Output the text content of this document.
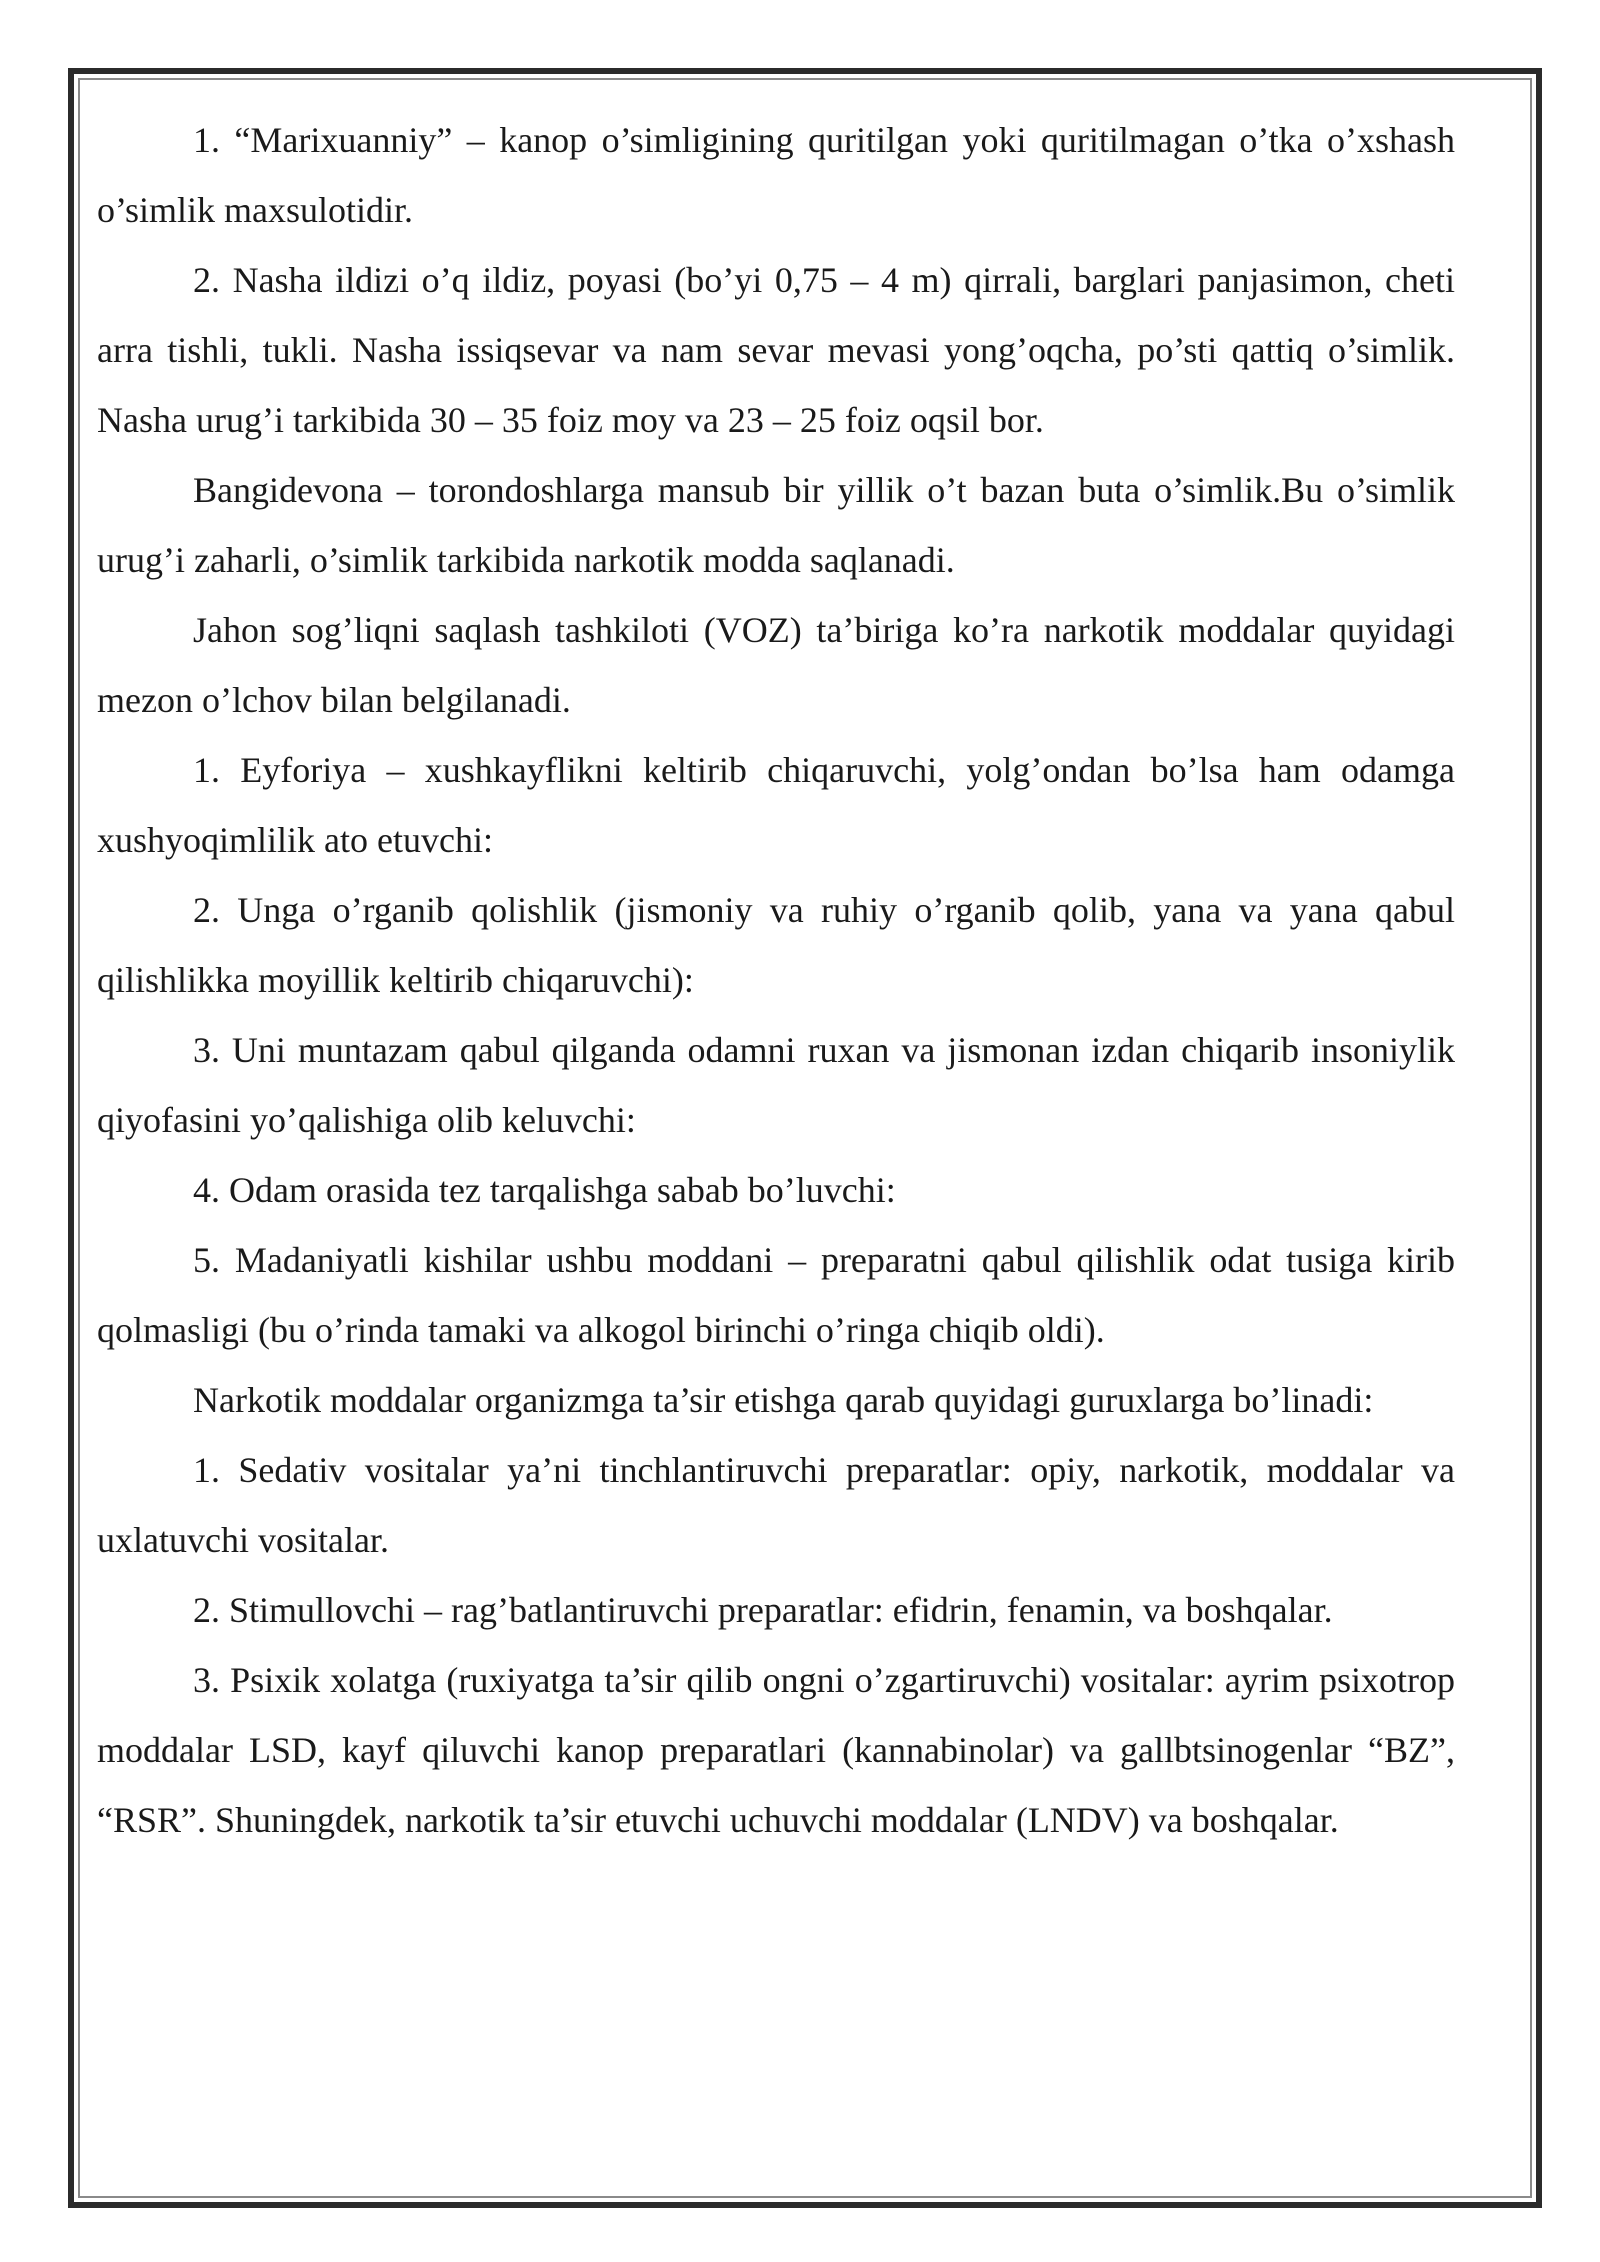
1. “Marixuanniy” – kanop o’simligining quritilgan yoki quritilmagan o’tka o’xshash o’simlik maxsulotidir.

2. Nasha ildizi o’q ildiz, poyasi (bo’yi 0,75 – 4 m) qirrali, barglari panjasimon, cheti arra tishli, tukli. Nasha issiqsevar va nam sevar mevasi yong’oqcha, po’sti qattiq o’simlik. Nasha urug’i tarkibida 30 – 35 foiz moy va 23 – 25 foiz oqsil bor.

Bangidevona – torondoshlarga mansub bir yillik o’t bazan buta o’simlik.Bu o’simlik urug’i zaharli, o’simlik tarkibida narkotik modda saqlanadi.

Jahon sog’liqni saqlash tashkiloti (VOZ) ta’biriga ko’ra narkotik moddalar quyidagi mezon o’lchov bilan belgilanadi.

1. Eyforiya – xushkayflikni keltirib chiqaruvchi, yolg’ondan bo’lsa ham odamga xushyoqimlilik ato etuvchi:

2. Unga o’rganib qolishlik (jismoniy va ruhiy o’rganib qolib, yana va yana qabul qilishlikka moyillik keltirib chiqaruvchi):

3. Uni muntazam qabul qilganda odamni ruxan va jismonan izdan chiqarib insoniylik qiyofasini yo’qalishiga olib keluvchi:

4. Odam orasida tez tarqalishga sabab bo’luvchi:

5. Madaniyatli kishilar ushbu moddani – preparatni qabul qilishlik odat tusiga kirib qolmasligi (bu o’rinda tamaki va alkogol birinchi o’ringa chiqib oldi).

Narkotik moddalar organizmga ta’sir etishga qarab quyidagi guruxlarga bo’linadi:

1. Sedativ vositalar ya’ni tinchlantiruvchi preparatlar: opiy, narkotik, moddalar va uxlatuvchi vositalar.

2. Stimullovchi – rag’batlantiruvchi preparatlar: efidrin, fenamin, va boshqalar.

3. Psixik xolatga (ruxiyatga ta’sir qilib ongni o’zgartiruvchi) vositalar: ayrim psixotrop moddalar LSD, kayf qiluvchi kanop preparatlari (kannabinolar) va gallbtsinogenlar “BZ”, “RSR”. Shuningdek, narkotik ta’sir etuvchi uchuvchi moddalar (LNDV) va boshqalar.
